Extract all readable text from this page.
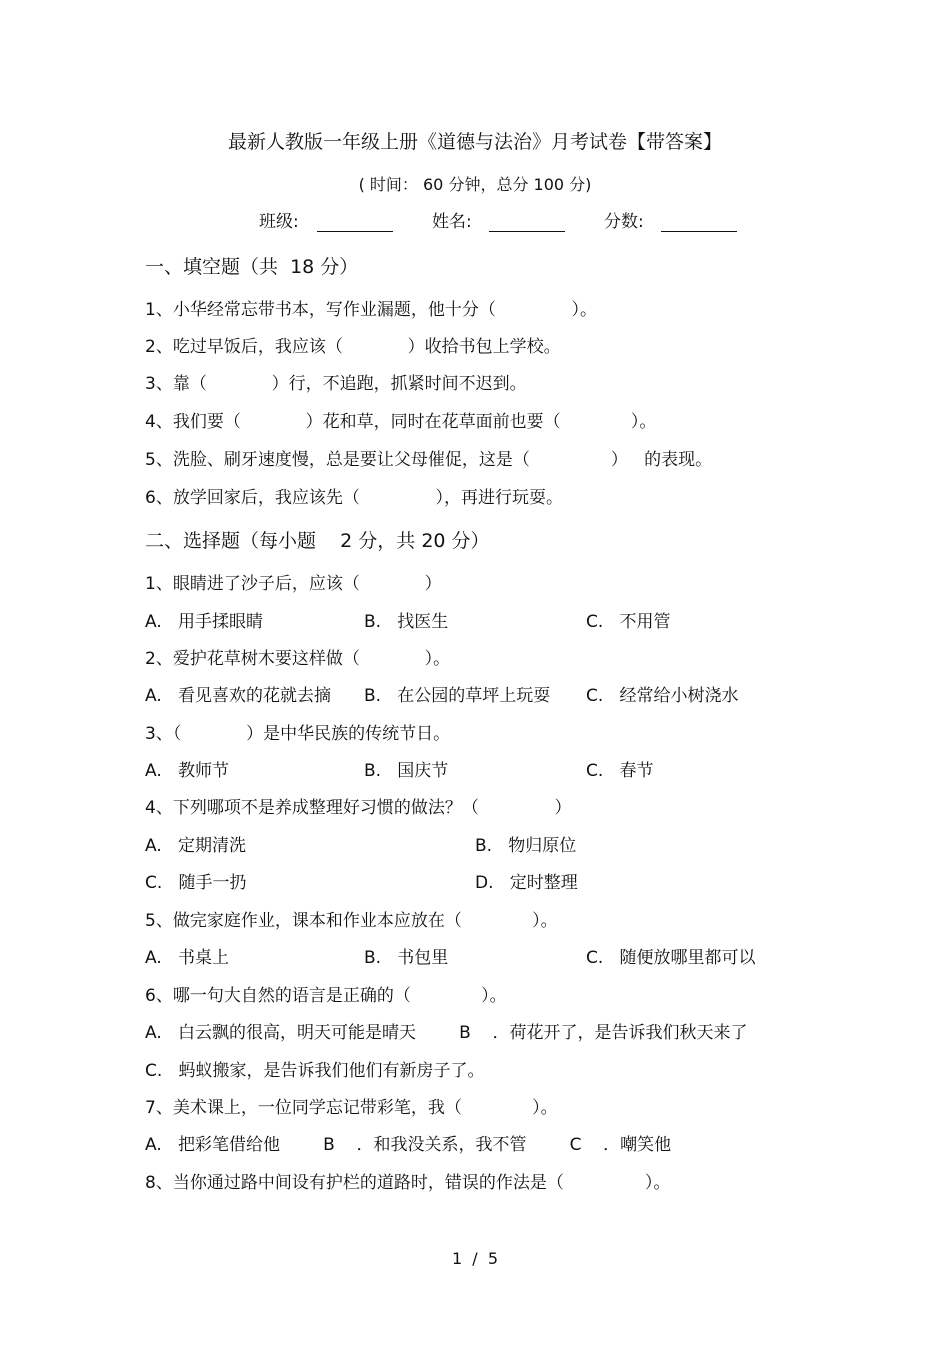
最新人教版一年级上册《道德与法治》月考试卷【带答案】
( 时间： 60 分钟，总分 100 分)
班级:	姓名:	分数:
一、填空题（共  18 分）
1、小华经常忘带书本，写作业漏题，他十分（              ）。
2、吃过早饭后，我应该（            ）收拾书包上学校。
3、靠（            ）行，不追跑，抓紧时间不迟到。
4、我们要（            ）花和草，同时在花草面前也要（             ）。
5、洗脸、刷牙速度慢，总是要让父母催促，这是（               ）   的表现。
6、放学回家后，我应该先（              ），再进行玩耍。
二、选择题（每小题    2 分，共 20 分）
1、眼睛进了沙子后，应该（            ）
A.   用手揉眼睛	B.   找医生	C.   不用管
2、爱护花草树木要这样做（            ）。
A.   看见喜欢的花就去摘 B.   在公园的草坪上玩耍 C.   经常给小树浇水
3、（            ）是中华民族的传统节日。
A.   教师节	B.   国庆节	C.   春节
4、下列哪项不是养成整理好习惯的做法？（              ）
A.   定期清洗	B.   物归原位
C.   随手一扔	D.   定时整理
5、做完家庭作业，课本和作业本应放在（             ）。
A.   书桌上	B.   书包里	C.   随便放哪里都可以
6、哪一句大自然的语言是正确的（             ）。
A.   白云飘的很高，明天可能是晴天        B    ．荷花开了，是告诉我们秋天来了
C.   蚂蚁搬家，是告诉我们他们有新房子了。
7、美术课上，一位同学忘记带彩笔，我（             ）。
A.   把彩笔借给他        B    ．和我没关系，我不管        C    ．嘲笑他
8、当你通过路中间设有护栏的道路时，错误的作法是（               ）。
1  /  5
